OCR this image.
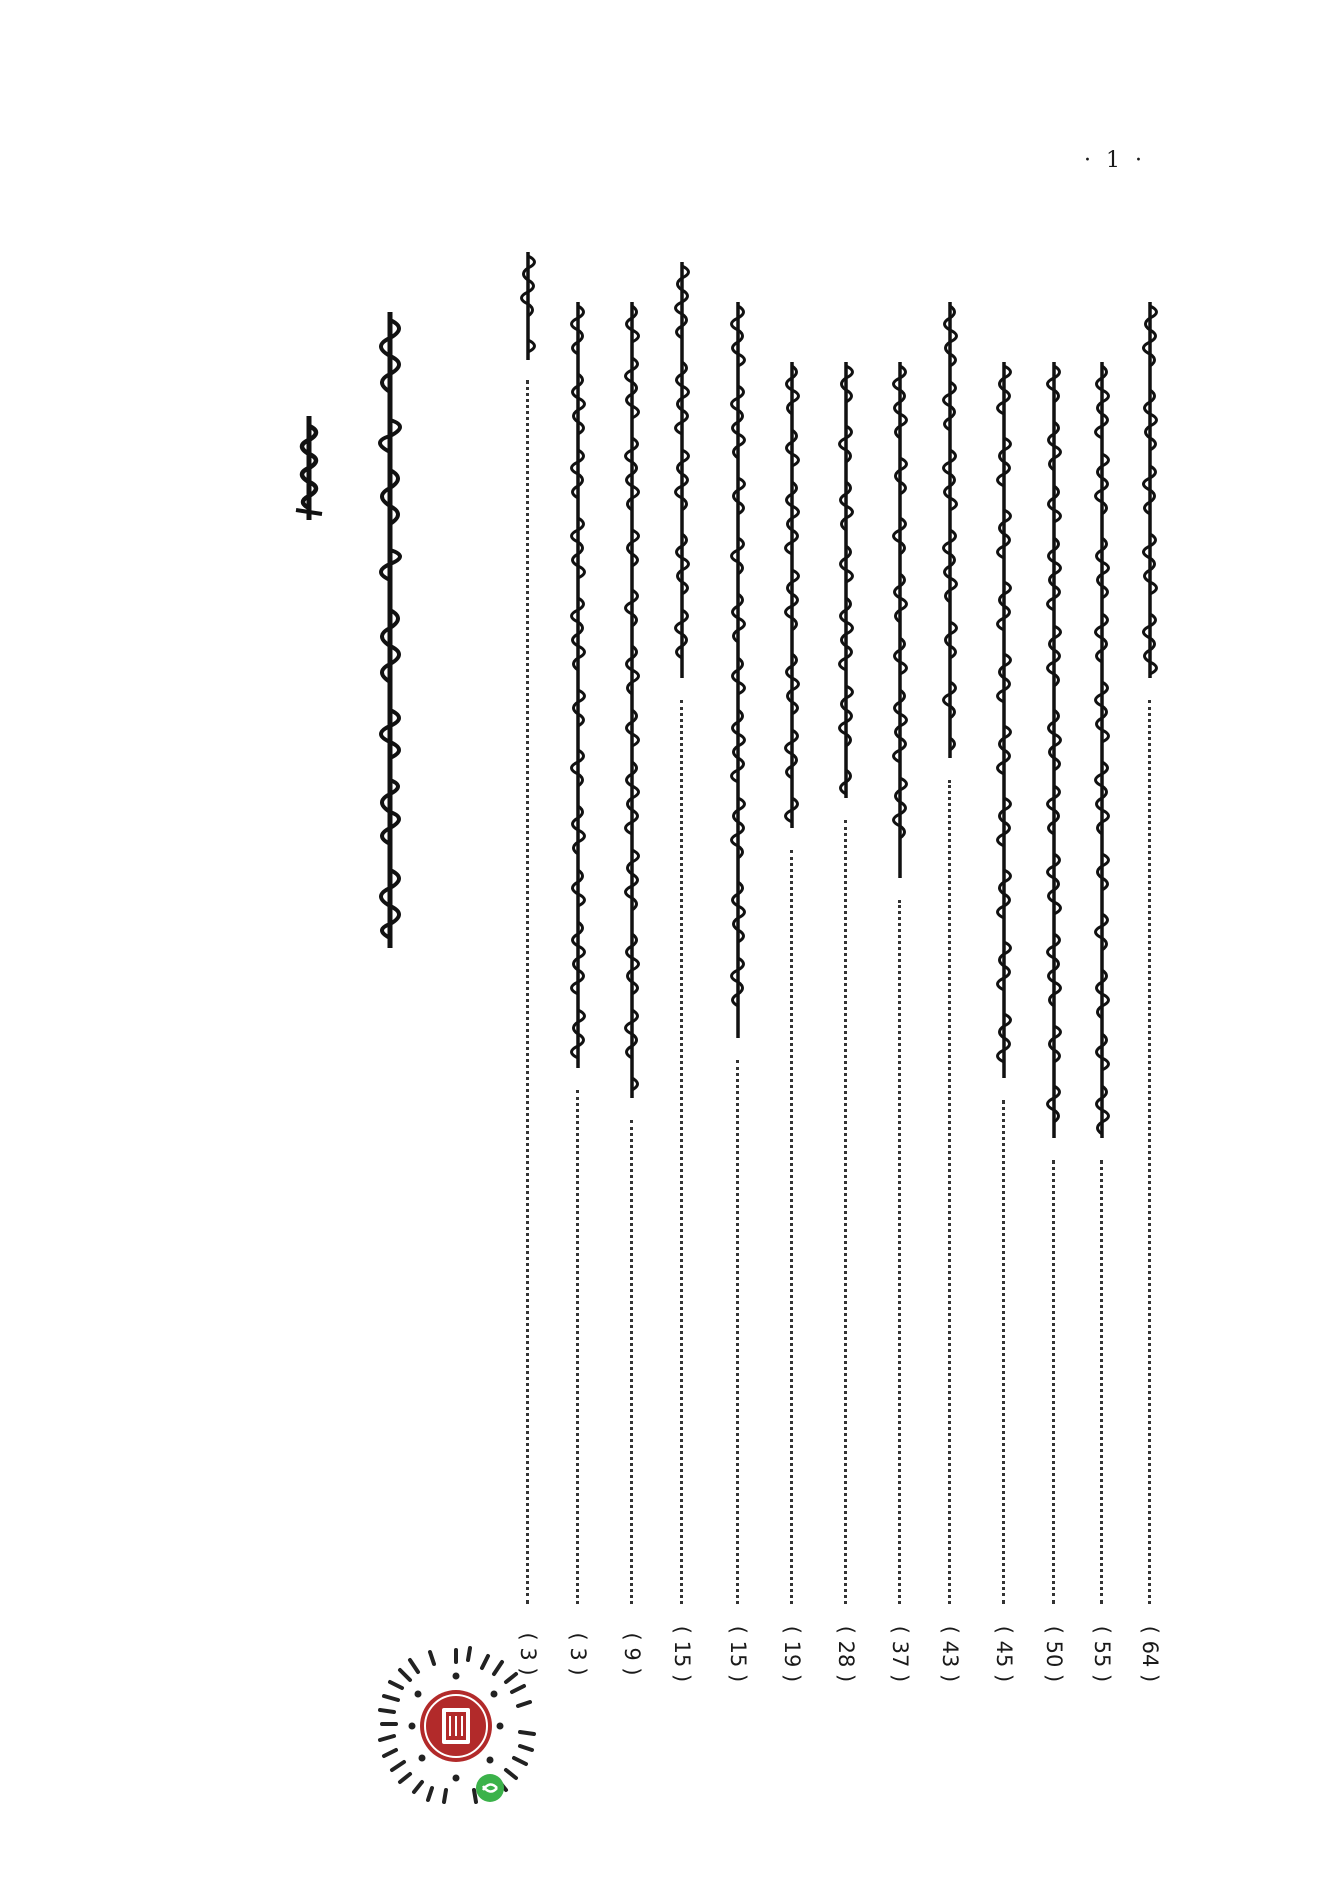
· 1 ·
( 64 )
( 55 )
( 50 )
( 45 )
( 43 )
( 37 )
( 28 )
( 19 )
( 15 )
( 15 )
( 9 )
( 3 )
( 3 )
